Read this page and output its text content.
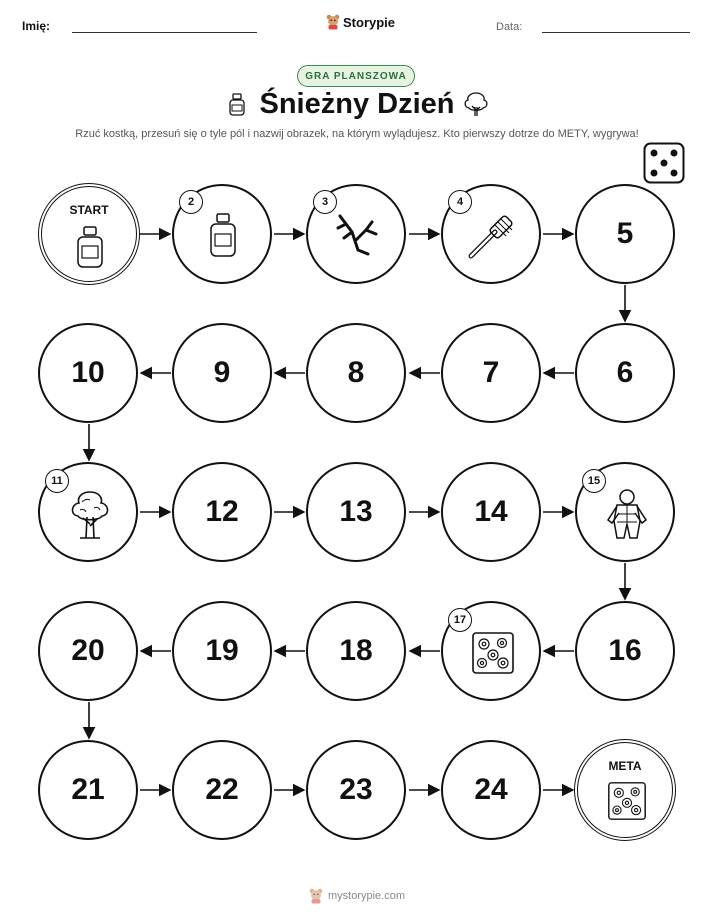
Imię:	Storypie	Data:
GRA PLANSZOWA
Śnieżny Dzień
Rzuć kostką, przesuń się o tyle pól i nazwij obrazek, na którym wylądujesz. Kto pierwszy dotrze do METY, wygrywa!
START
2	3	4
5
6
7
8
9
10
11
12	13	14
15
16
17
18
19
20
21	22	23	24
META
mystorypie.com
